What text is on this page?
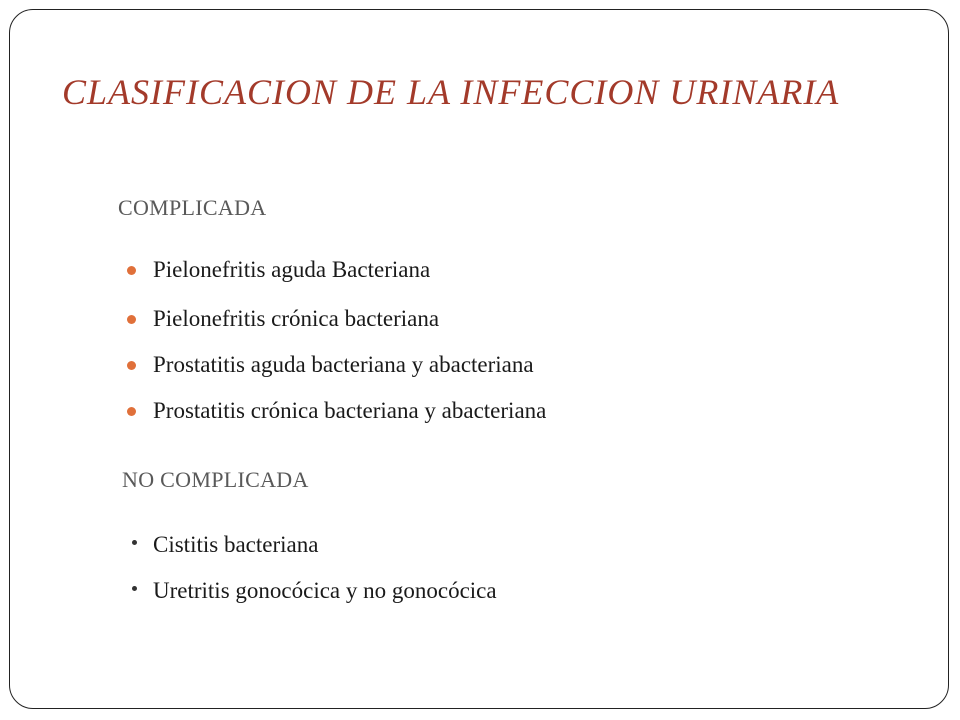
CLASIFICACION DE LA INFECCION URINARIA
COMPLICADA
Pielonefritis aguda Bacteriana
Pielonefritis crónica bacteriana
Prostatitis aguda bacteriana y abacteriana
Prostatitis crónica bacteriana y abacteriana
NO COMPLICADA
Cistitis bacteriana
Uretritis gonocócica y no gonocócica
